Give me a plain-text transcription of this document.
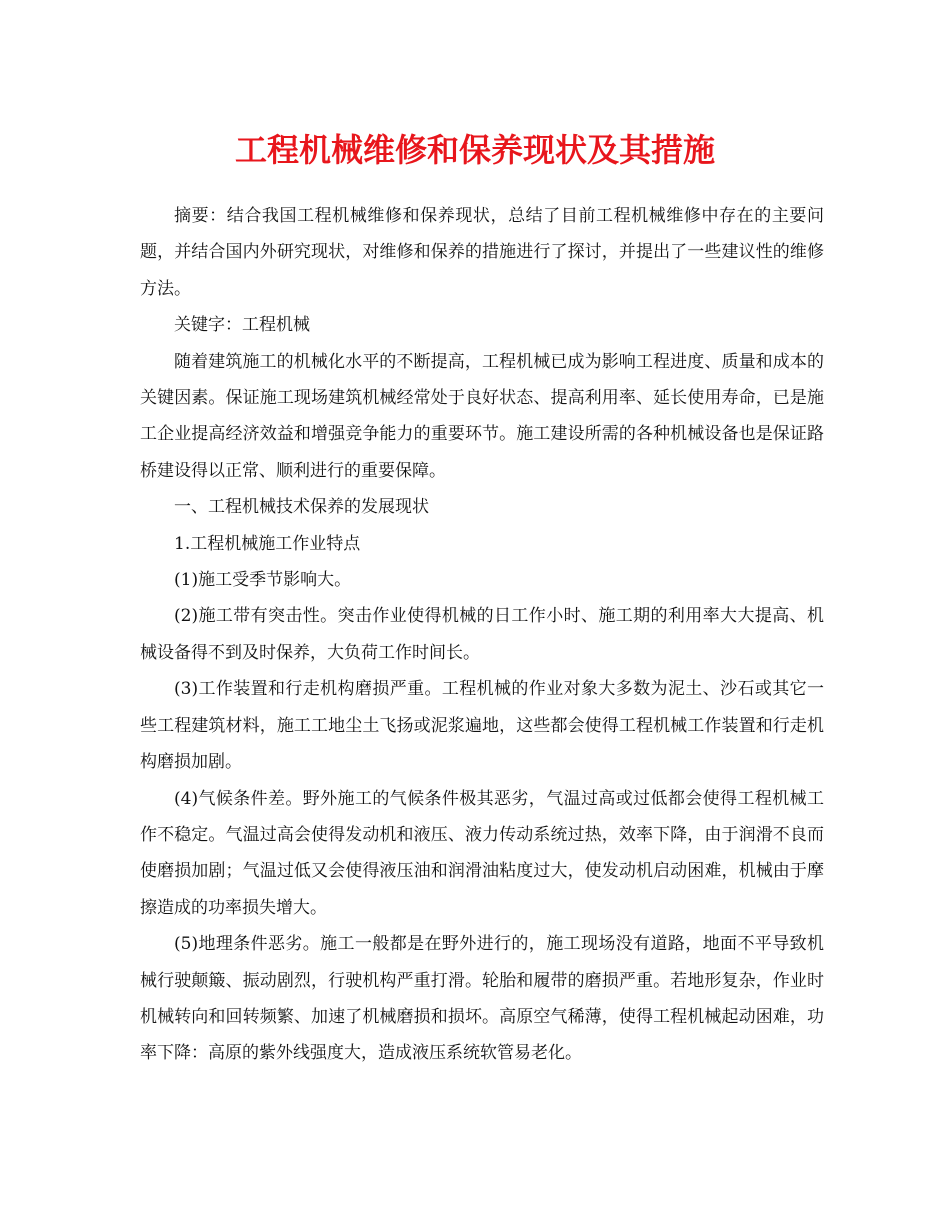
工程机械维修和保养现状及其措施

摘要：结合我国工程机械维修和保养现状，总结了目前工程机械维修中存在的主要问题，并结合国内外研究现状，对维修和保养的措施进行了探讨，并提出了一些建议性的维修方法。

关键字：工程机械

随着建筑施工的机械化水平的不断提高，工程机械已成为影响工程进度、质量和成本的关键因素。保证施工现场建筑机械经常处于良好状态、提高利用率、延长使用寿命，已是施工企业提高经济效益和增强竞争能力的重要环节。施工建设所需的各种机械设备也是保证路桥建设得以正常、顺利进行的重要保障。

一、工程机械技术保养的发展现状

1.工程机械施工作业特点

(1)施工受季节影响大。

(2)施工带有突击性。突击作业使得机械的日工作小时、施工期的利用率大大提高、机械设备得不到及时保养，大负荷工作时间长。

(3)工作装置和行走机构磨损严重。工程机械的作业对象大多数为泥土、沙石或其它一些工程建筑材料，施工工地尘土飞扬或泥浆遍地，这些都会使得工程机械工作装置和行走机构磨损加剧。

(4)气候条件差。野外施工的气候条件极其恶劣，气温过高或过低都会使得工程机械工作不稳定。气温过高会使得发动机和液压、液力传动系统过热，效率下降，由于润滑不良而使磨损加剧；气温过低又会使得液压油和润滑油粘度过大，使发动机启动困难，机械由于摩擦造成的功率损失增大。

(5)地理条件恶劣。施工一般都是在野外进行的，施工现场没有道路，地面不平导致机械行驶颠簸、振动剧烈，行驶机构严重打滑。轮胎和履带的磨损严重。若地形复杂，作业时机械转向和回转频繁、加速了机械磨损和损坏。高原空气稀薄，使得工程机械起动困难，功率下降：高原的紫外线强度大，造成液压系统软管易老化。
